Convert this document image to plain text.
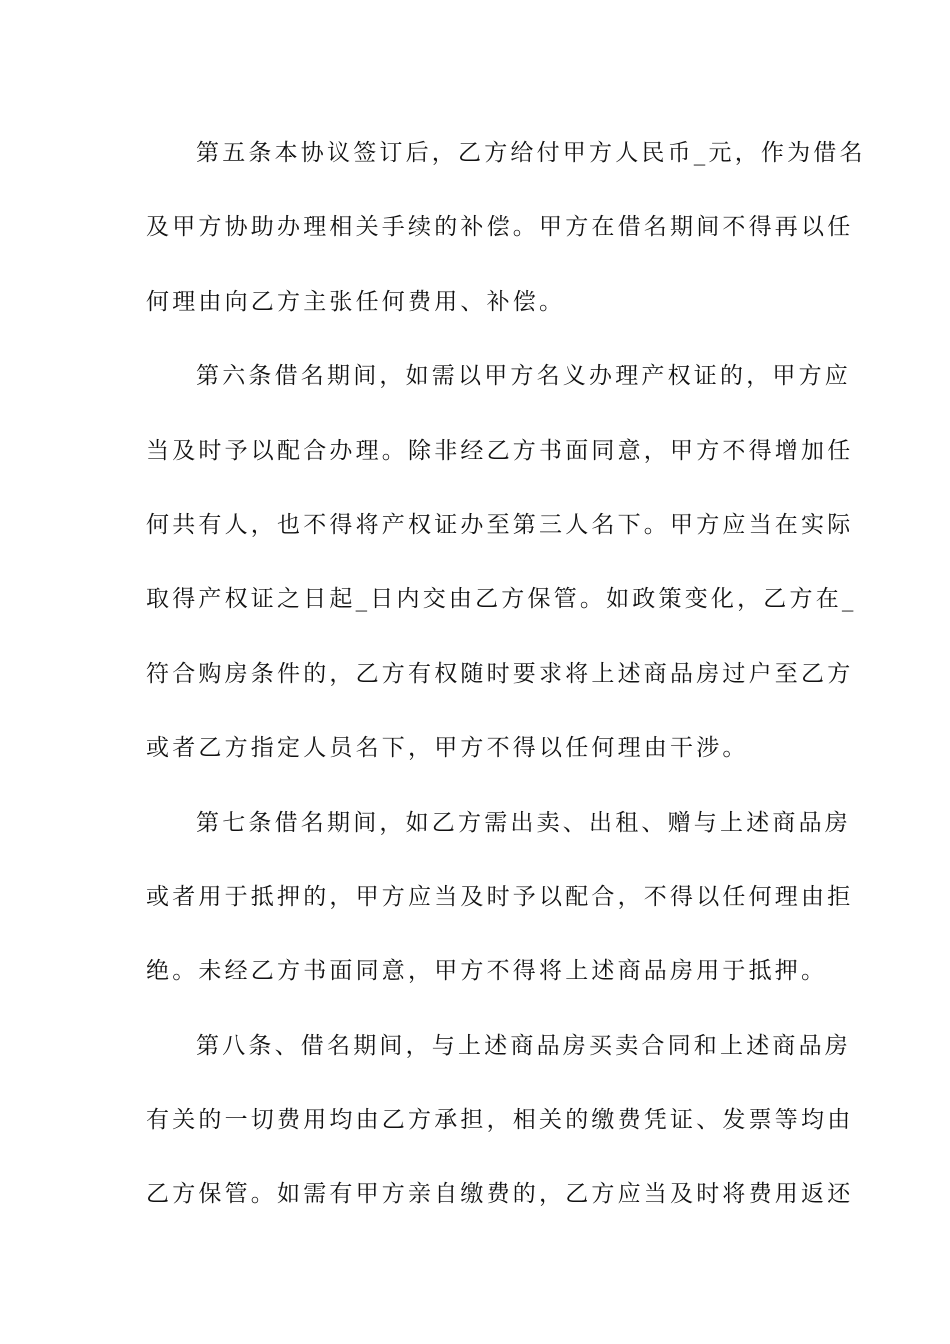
第五条本协议签订后，乙方给付甲方人民币_元，作为借名
及甲方协助办理相关手续的补偿。甲方在借名期间不得再以任
何理由向乙方主张任何费用、补偿。
第六条借名期间，如需以甲方名义办理产权证的，甲方应
当及时予以配合办理。除非经乙方书面同意，甲方不得增加任
何共有人，也不得将产权证办至第三人名下。甲方应当在实际
取得产权证之日起_日内交由乙方保管。如政策变化，乙方在_
符合购房条件的，乙方有权随时要求将上述商品房过户至乙方
或者乙方指定人员名下，甲方不得以任何理由干涉。
第七条借名期间，如乙方需出卖、出租、赠与上述商品房
或者用于抵押的，甲方应当及时予以配合，不得以任何理由拒
绝。未经乙方书面同意，甲方不得将上述商品房用于抵押。
第八条、借名期间，与上述商品房买卖合同和上述商品房
有关的一切费用均由乙方承担，相关的缴费凭证、发票等均由
乙方保管。如需有甲方亲自缴费的，乙方应当及时将费用返还
